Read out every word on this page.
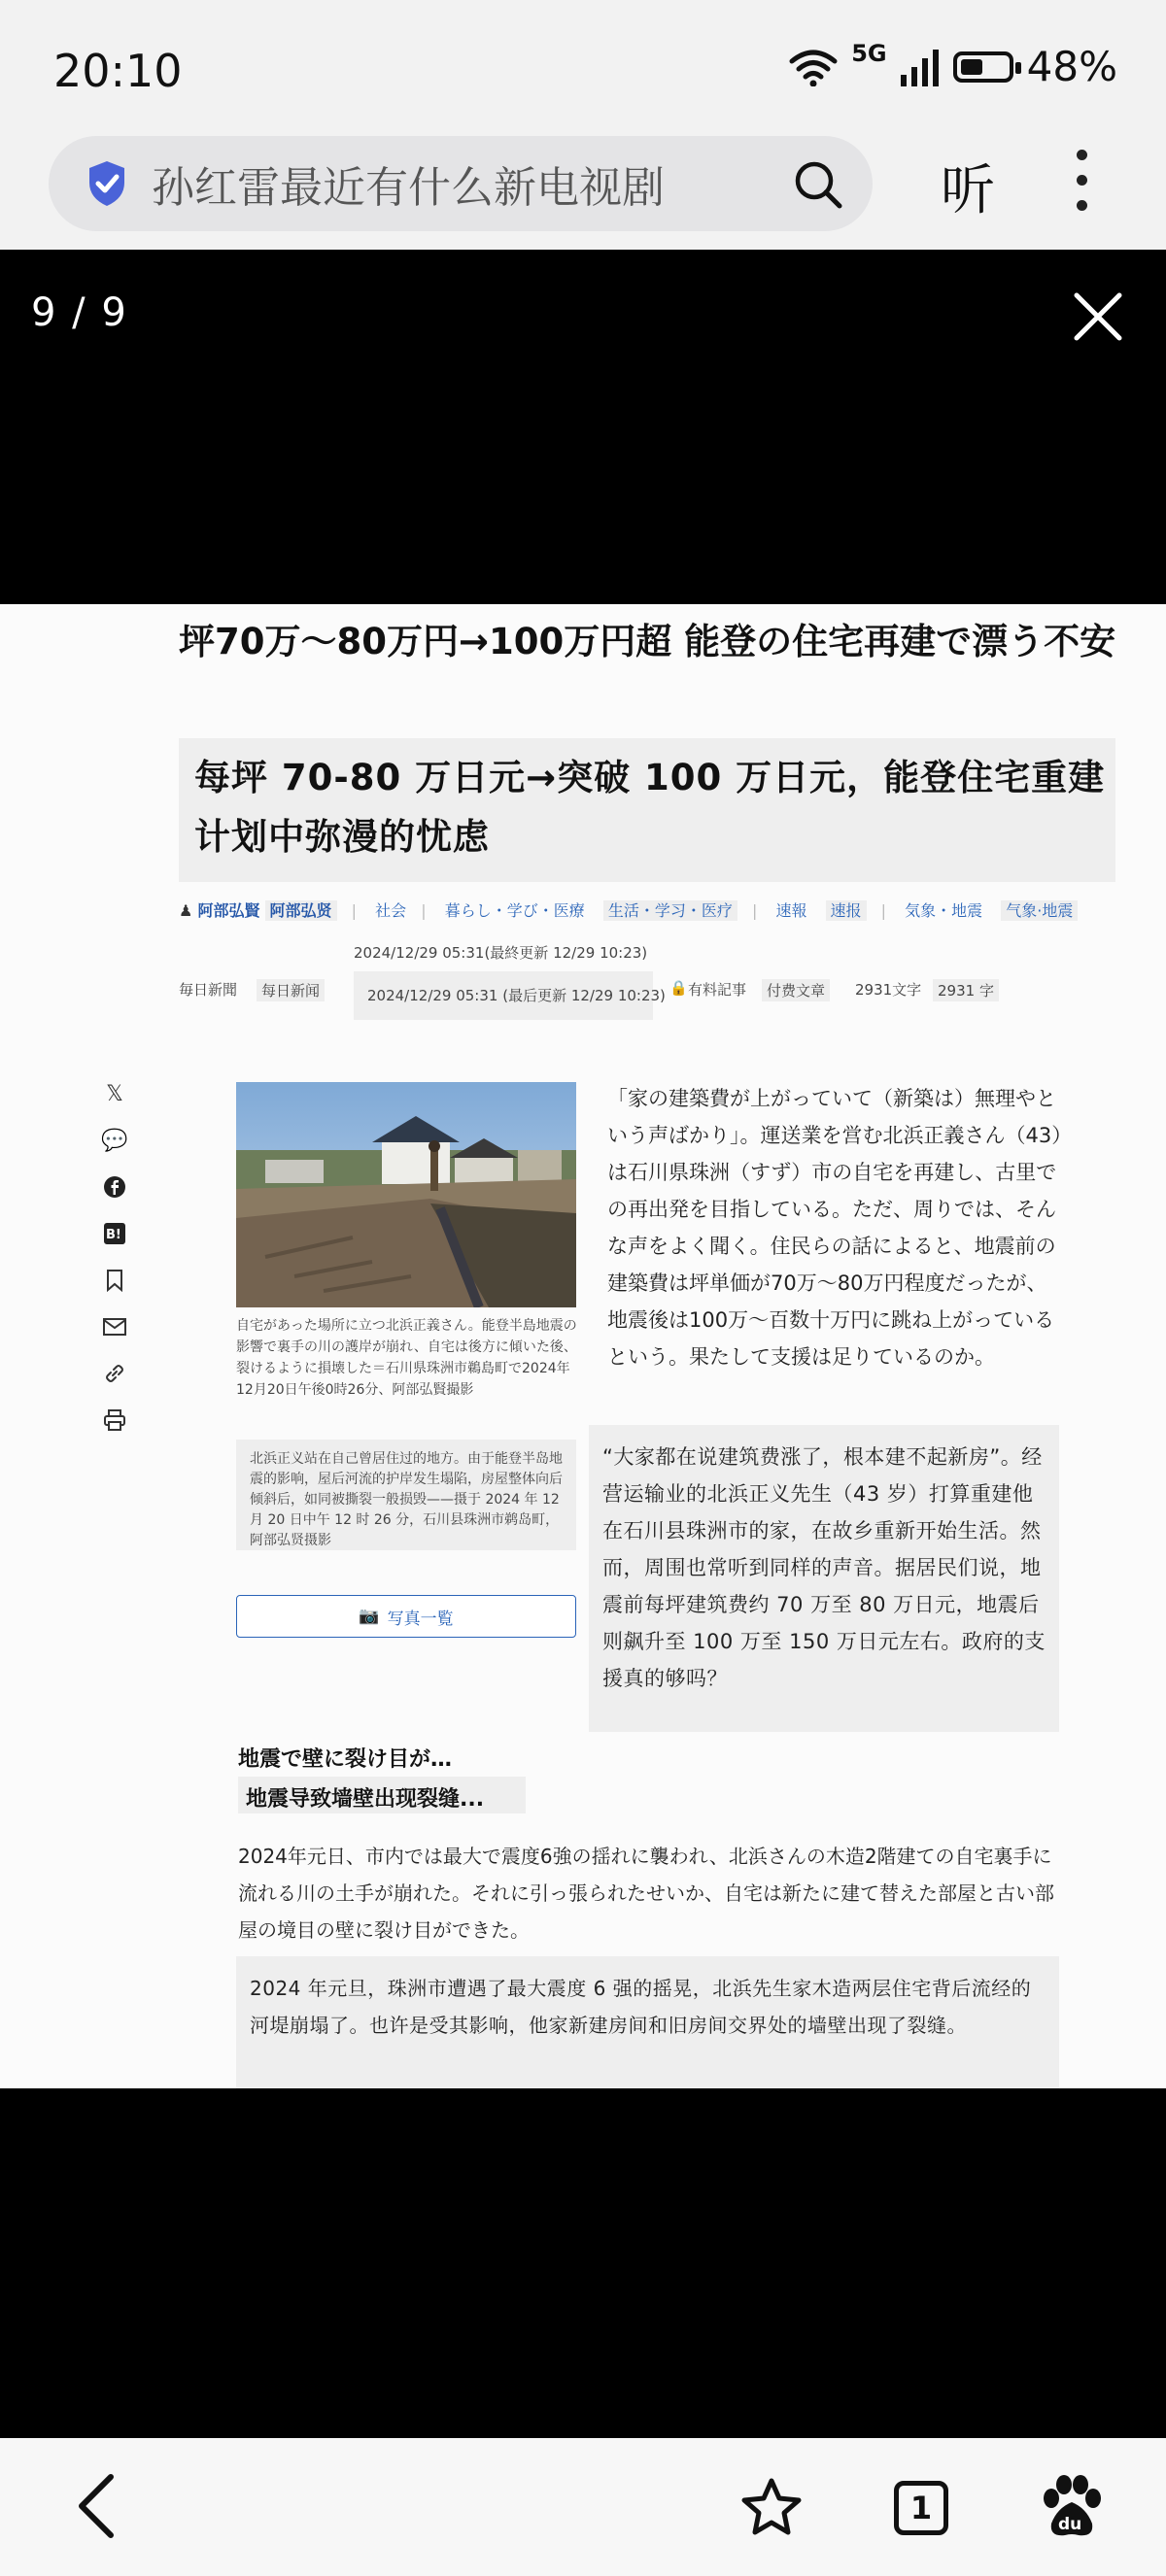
20:10	5G	48%
孙红雷最近有什么新电视剧	听
9 / 9
坪70万～80万円→100万円超 能登の住宅再建で漂う不安
每坪 70-80 万日元→突破 100 万日元，能登住宅重建计划中弥漫的忧虑
♟ 阿部弘賢 阿部弘贤 | 社会 | 暮らし・学び・医療 生活・学习・医疗 | 速報 速报 | 気象・地震 气象·地震
2024/12/29 05:31(最終更新 12/29 10:23)
毎日新聞	每日新闻	2024/12/29 05:31 (最后更新 12/29 10:23) 🔒 有料記事	付费文章	2931文字	2931 字
𝕏
💬
B!
自宅があった場所に立つ北浜正義さん。能登半島地震の影響で裏手の川の護岸が崩れ、自宅は後方に傾いた後、裂けるように損壊した＝石川県珠洲市鵜島町で2024年12月20日午後0時26分、阿部弘賢撮影
北浜正义站在自己曾居住过的地方。由于能登半岛地震的影响，屋后河流的护岸发生塌陷，房屋整体向后倾斜后，如同被撕裂一般损毁——摄于 2024 年 12 月 20 日中午 12 时 26 分，石川县珠洲市鹈岛町，阿部弘贤摄影
📷 写真一覧
「家の建築費が上がっていて（新築は）無理やという声ばかり」。運送業を営む北浜正義さん（43）は石川県珠洲（すず）市の自宅を再建し、古里での再出発を目指している。ただ、周りでは、そんな声をよく聞く。住民らの話によると、地震前の建築費は坪単価が70万～80万円程度だったが、地震後は100万～百数十万円に跳ね上がっているという。果たして支援は足りているのか。
“大家都在说建筑费涨了，根本建不起新房”。经营运输业的北浜正义先生（43 岁）打算重建他在石川县珠洲市的家，在故乡重新开始生活。然而，周围也常听到同样的声音。据居民们说，地震前每坪建筑费约 70 万至 80 万日元，地震后则飙升至 100 万至 150 万日元左右。政府的支援真的够吗？
地震で壁に裂け目が…
地震导致墙壁出现裂缝...
2024年元日、市内では最大で震度6強の揺れに襲われ、北浜さんの木造2階建ての自宅裏手に流れる川の土手が崩れた。それに引っ張られたせいか、自宅は新たに建て替えた部屋と古い部屋の境目の壁に裂け目ができた。
2024 年元旦，珠洲市遭遇了最大震度 6 强的摇晃，北浜先生家木造两层住宅背后流经的河堤崩塌了。也许是受其影响，他家新建房间和旧房间交界处的墙壁出现了裂缝。
1	du
